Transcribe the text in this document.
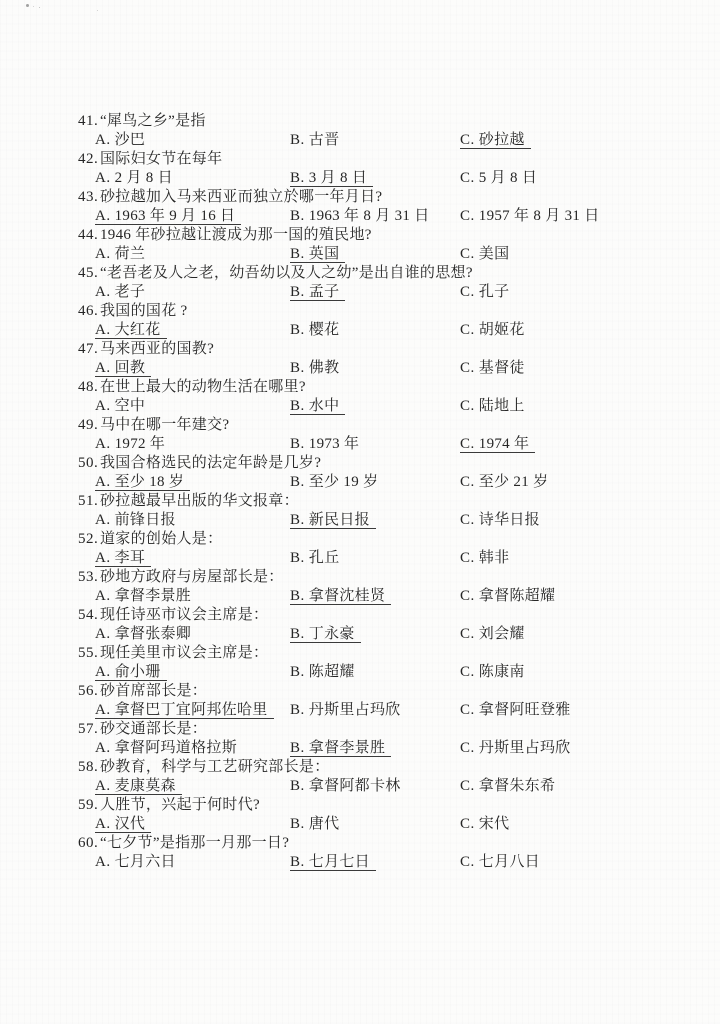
41. “犀鸟之乡”是指
A. 沙巴	B. 古晋	C. 砂拉越
42. 国际妇女节在每年
A. 2 月 8 日	B. 3 月 8 日	C. 5 月 8 日
43. 砂拉越加入马来西亚而独立於哪一年月日?
A. 1963 年 9 月 16 日	B. 1963 年 8 月 31 日	C. 1957 年 8 月 31 日
44. 1946 年砂拉越让渡成为那一国的殖民地?
A. 荷兰	B. 英国	C. 美国
45. “老吾老及人之老，幼吾幼以及人之幼”是出自谁的思想?
A. 老子	B. 孟子	C. 孔子
46. 我国的国花 ?
A. 大红花	B. 樱花	C. 胡姬花
47. 马来西亚的国教?
A. 回教	B. 佛教	C. 基督徒
48. 在世上最大的动物生活在哪里?
A. 空中	B. 水中	C. 陆地上
49. 马中在哪一年建交?
A. 1972 年	B. 1973 年	C. 1974 年
50. 我国合格选民的法定年龄是几岁?
A. 至少 18 岁	B. 至少 19 岁	C. 至少 21 岁
51. 砂拉越最早出版的华文报章：
A. 前锋日报	B. 新民日报	C. 诗华日报
52. 道家的创始人是：
A. 李耳	B. 孔丘	C. 韩非
53. 砂地方政府与房屋部长是：
A. 拿督李景胜	B. 拿督沈桂贤	C. 拿督陈超耀
54. 现任诗巫市议会主席是：
A. 拿督张泰卿	B. 丁永豪	C. 刘会耀
55. 现任美里市议会主席是：
A. 俞小珊	B. 陈超耀	C. 陈康南
56. 砂首席部长是：
A. 拿督巴丁宜阿邦佐哈里	B. 丹斯里占玛欣	C. 拿督阿旺登雅
57. 砂交通部长是：
A. 拿督阿玛道格拉斯	B. 拿督李景胜	C. 丹斯里占玛欣
58. 砂教育，科学与工艺研究部长是：
A. 麦康莫森	B. 拿督阿都卡林	C. 拿督朱东希
59. 人胜节，兴起于何时代?
A. 汉代	B. 唐代	C. 宋代
60. “七夕节”是指那一月那一日?
A. 七月六日	B. 七月七日	C. 七月八日
